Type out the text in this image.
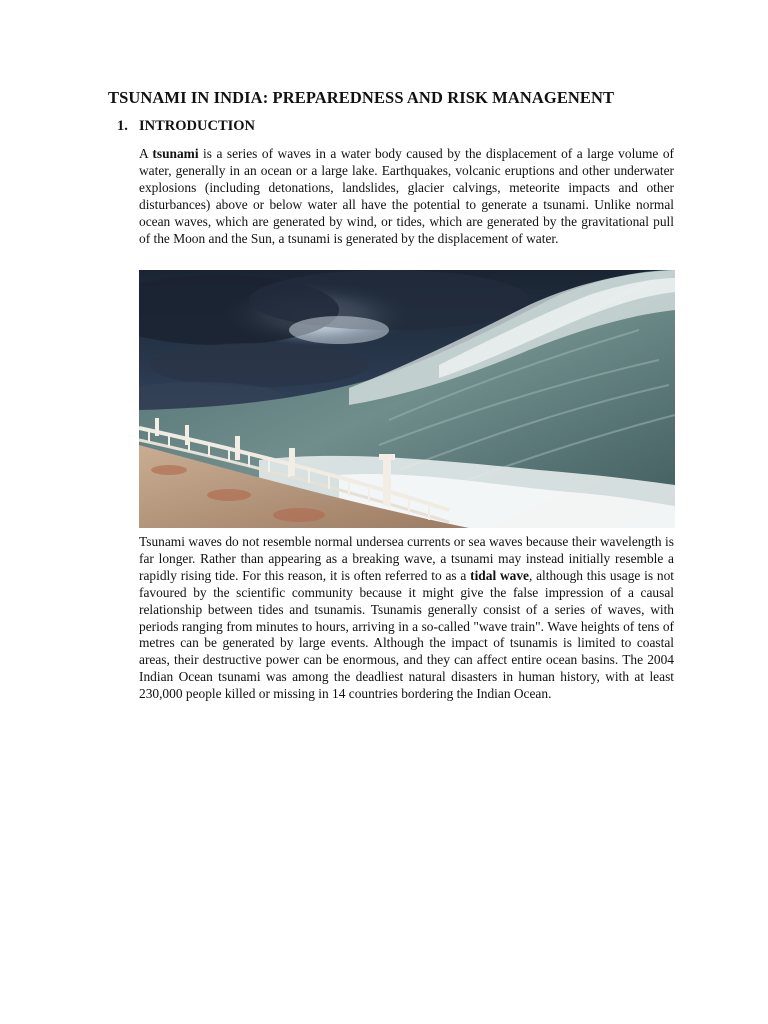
TSUNAMI IN INDIA: PREPAREDNESS AND RISK MANAGENENT
1. INTRODUCTION

A tsunami is a series of waves in a water body caused by the displacement of a large volume of water, generally in an ocean or a large lake. Earthquakes, volcanic eruptions and other underwater explosions (including detonations, landslides, glacier calvings, meteorite impacts and other disturbances) above or below water all have the potential to generate a tsunami. Unlike normal ocean waves, which are generated by wind, or tides, which are generated by the gravitational pull of the Moon and the Sun, a tsunami is generated by the displacement of water.

Tsunami waves do not resemble normal undersea currents or sea waves because their wavelength is far longer. Rather than appearing as a breaking wave, a tsunami may instead initially resemble a rapidly rising tide. For this reason, it is often referred to as a tidal wave, although this usage is not favoured by the scientific community because it might give the false impression of a causal relationship between tides and tsunamis. Tsunamis generally consist of a series of waves, with periods ranging from minutes to hours, arriving in a so-called "wave train". Wave heights of tens of metres can be generated by large events. Although the impact of tsunamis is limited to coastal areas, their destructive power can be enormous, and they can affect entire ocean basins. The 2004 Indian Ocean tsunami was among the deadliest natural disasters in human history, with at least 230,000 people killed or missing in 14 countries bordering the Indian Ocean.
